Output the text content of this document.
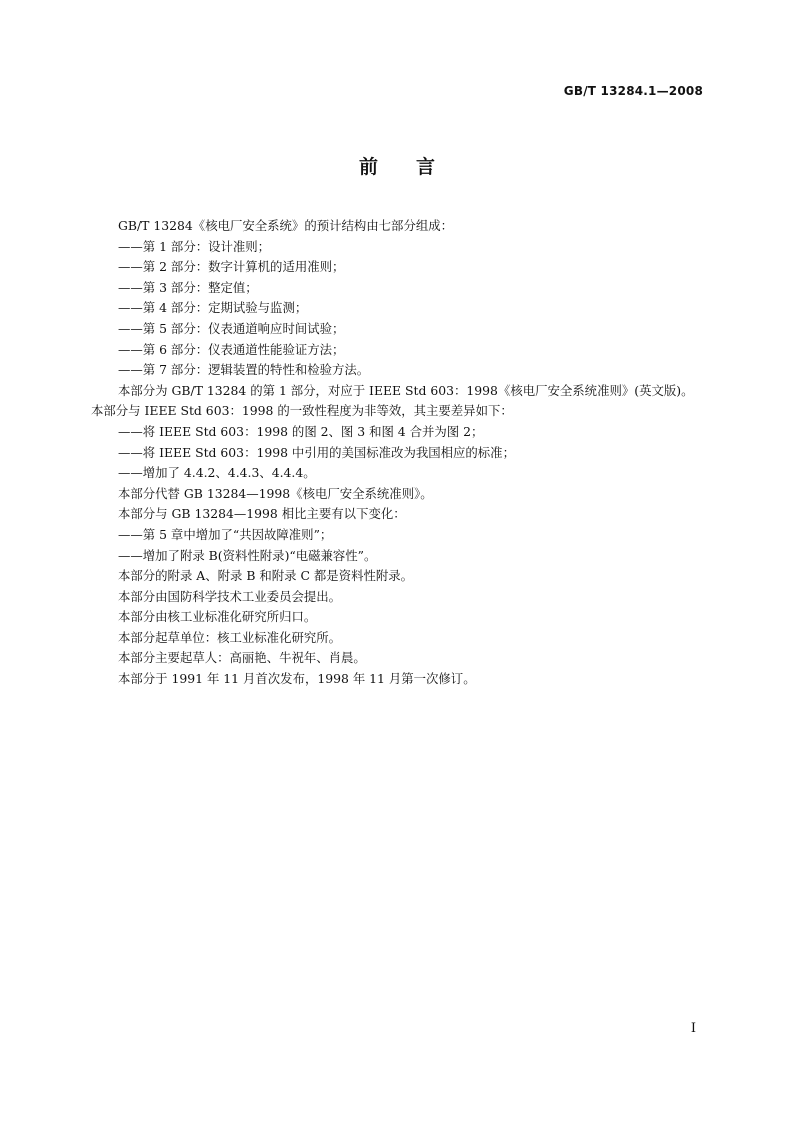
GB/T 13284.1—2008
前言
GB/T 13284《核电厂安全系统》的预计结构由七部分组成：
——第 1 部分：设计准则；
——第 2 部分：数字计算机的适用准则；
——第 3 部分：整定值；
——第 4 部分：定期试验与监测；
——第 5 部分：仪表通道响应时间试验；
——第 6 部分：仪表通道性能验证方法；
——第 7 部分：逻辑装置的特性和检验方法。
本部分为 GB/T 13284 的第 1 部分，对应于 IEEE Std 603：1998《核电厂安全系统准则》(英文版)。
本部分与 IEEE Std 603：1998 的一致性程度为非等效，其主要差异如下：
——将 IEEE Std 603：1998 的图 2、图 3 和图 4 合并为图 2；
——将 IEEE Std 603：1998 中引用的美国标准改为我国相应的标准；
——增加了 4.4.2、4.4.3、4.4.4。
本部分代替 GB 13284—1998《核电厂安全系统准则》。
本部分与 GB 13284—1998 相比主要有以下变化：
——第 5 章中增加了“共因故障准则”；
——增加了附录 B(资料性附录)“电磁兼容性”。
本部分的附录 A、附录 B 和附录 C 都是资料性附录。
本部分由国防科学技术工业委员会提出。
本部分由核工业标准化研究所归口。
本部分起草单位：核工业标准化研究所。
本部分主要起草人：高丽艳、牛祝年、肖晨。
本部分于 1991 年 11 月首次发布，1998 年 11 月第一次修订。
I
